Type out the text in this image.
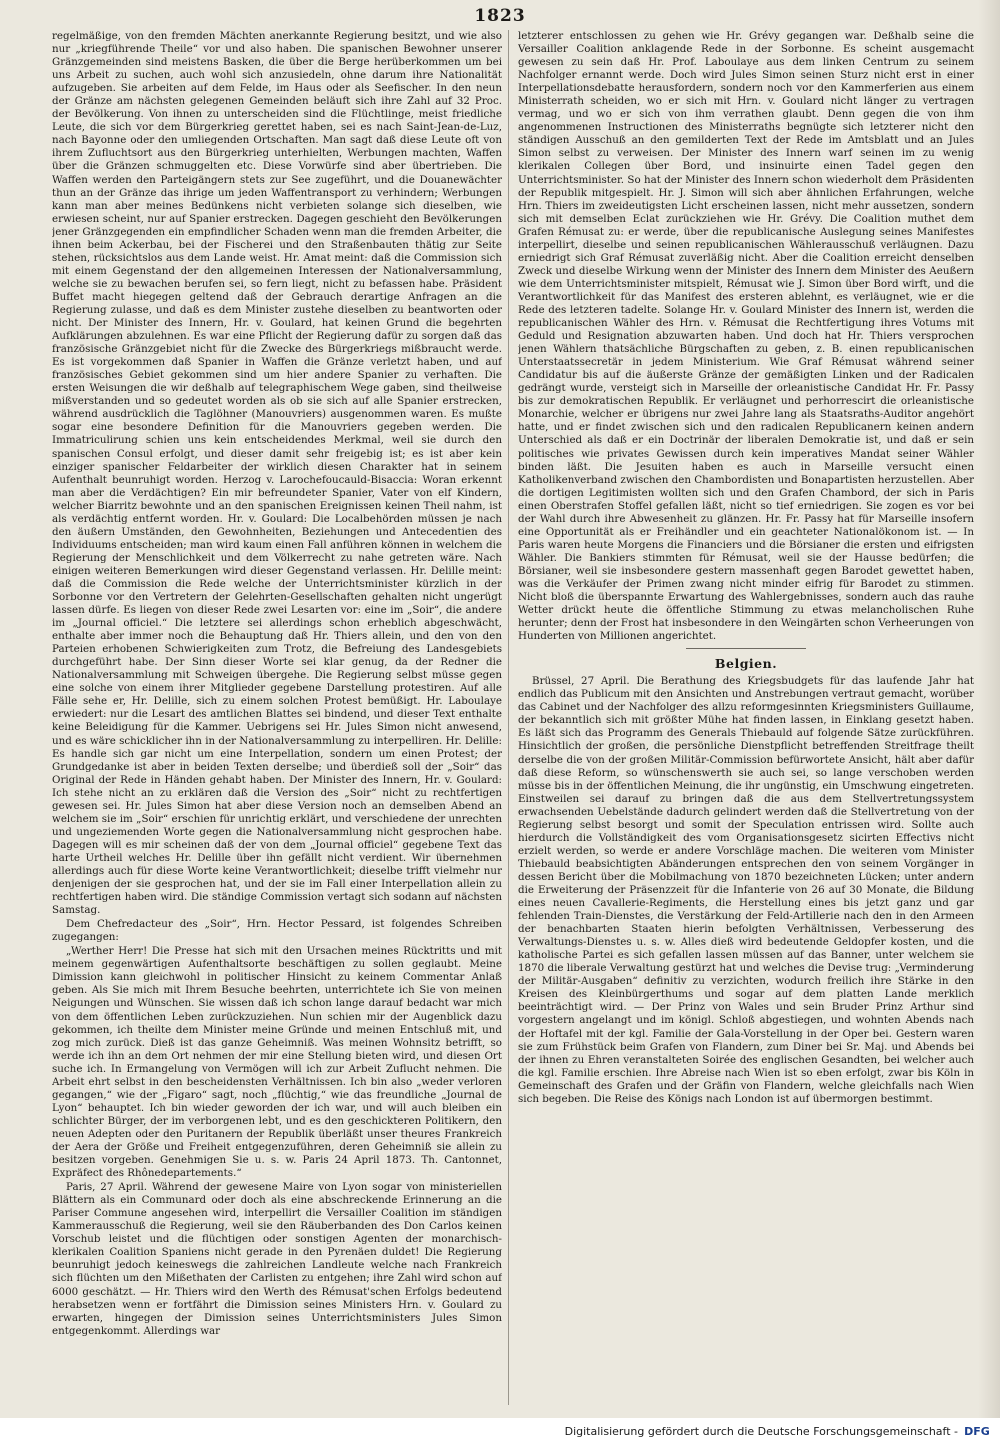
1823

regelmäßige, von den fremden Mächten anerkannte Regierung besitzt, und wie also nur „kriegführende Theile“ vor und also haben. Die spanischen Bewohner unserer Gränzgemeinden sind meistens Basken, die über die Berge herüberkommen um bei uns Arbeit zu suchen, auch wohl sich anzusiedeln, ohne darum ihre Nationalität aufzugeben. Sie arbeiten auf dem Felde, im Haus oder als Seefischer. In den neun der Gränze am nächsten gelegenen Gemeinden beläuft sich ihre Zahl auf 32 Proc. der Bevölkerung. Von ihnen zu unterscheiden sind die Flüchtlinge, meist friedliche Leute, die sich vor dem Bürgerkrieg gerettet haben, sei es nach Saint-Jean-de-Luz, nach Bayonne oder den umliegenden Ortschaften. Man sagt daß diese Leute oft von ihrem Zufluchtsort aus den Bürgerkrieg unterhielten, Werbungen machten, Waffen über die Gränzen schmuggelten etc. Diese Vorwürfe sind aber übertrieben. Die Waffen werden den Parteigängern stets zur See zugeführt, und die Douanewächter thun an der Gränze das ihrige um jeden Waffentransport zu verhindern; Werbungen kann man aber meines Bedünkens nicht verbieten solange sich dieselben, wie erwiesen scheint, nur auf Spanier erstrecken. Dagegen geschieht den Bevölkerungen jener Gränzgegenden ein empfindlicher Schaden wenn man die fremden Arbeiter, die ihnen beim Ackerbau, bei der Fischerei und den Straßenbauten thätig zur Seite stehen, rücksichtslos aus dem Lande weist. Hr. Amat meint: daß die Commission sich mit einem Gegenstand der den allgemeinen Interessen der Nationalversammlung, welche sie zu bewachen berufen sei, so fern liegt, nicht zu befassen habe. Präsident Buffet macht hiegegen geltend daß der Gebrauch derartige Anfragen an die Regierung zulasse, und daß es dem Minister zustehe dieselben zu beantworten oder nicht. Der Minister des Innern, Hr. v. Goulard, hat keinen Grund die begehrten Aufklärungen abzulehnen. Es war eine Pflicht der Regierung dafür zu sorgen daß das französische Gränzgebiet nicht für die Zwecke des Bürgerkriegs mißbraucht werde. Es ist vorgekommen daß Spanier in Waffen die Gränze verletzt haben, und auf französisches Gebiet gekommen sind um hier andere Spanier zu verhaften. Die ersten Weisungen die wir deßhalb auf telegraphischem Wege gaben, sind theilweise mißverstanden und so gedeutet worden als ob sie sich auf alle Spanier erstrecken, während ausdrücklich die Taglöhner (Manouvriers) ausgenommen waren. Es mußte sogar eine besondere Definition für die Manouvriers gegeben werden. Die Immatriculirung schien uns kein entscheidendes Merkmal, weil sie durch den spanischen Consul erfolgt, und dieser damit sehr freigebig ist; es ist aber kein einziger spanischer Feldarbeiter der wirklich diesen Charakter hat in seinem Aufenthalt beunruhigt worden. Herzog v. Larochefoucauld-Bisaccia: Woran erkennt man aber die Verdächtigen? Ein mir befreundeter Spanier, Vater von elf Kindern, welcher Biarritz bewohnte und an den spanischen Ereignissen keinen Theil nahm, ist als verdächtig entfernt worden. Hr. v. Goulard: Die Localbehörden müssen je nach den äußern Umständen, den Gewohnheiten, Beziehungen und Antecedentien des Individuums entscheiden; man wird kaum einen Fall anführen können in welchem die Regierung der Menschlichkeit und dem Völkerrecht zu nahe getreten wäre. Nach einigen weiteren Bemerkungen wird dieser Gegenstand verlassen. Hr. Delille meint: daß die Commission die Rede welche der Unterrichtsminister kürzlich in der Sorbonne vor den Vertretern der Gelehrten-Gesellschaften gehalten nicht ungerügt lassen dürfe. Es liegen von dieser Rede zwei Lesarten vor: eine im „Soir“, die andere im „Journal officiel.“ Die letztere sei allerdings schon erheblich abgeschwächt, enthalte aber immer noch die Behauptung daß Hr. Thiers allein, und den von den Parteien erhobenen Schwierigkeiten zum Trotz, die Befreiung des Landesgebiets durchgeführt habe. Der Sinn dieser Worte sei klar genug, da der Redner die Nationalversammlung mit Schweigen übergehe. Die Regierung selbst müsse gegen eine solche von einem ihrer Mitglieder gegebene Darstellung protestiren. Auf alle Fälle sehe er, Hr. Delille, sich zu einem solchen Protest bemüßigt. Hr. Laboulaye erwiedert: nur die Lesart des amtlichen Blattes sei bindend, und dieser Text enthalte keine Beleidigung für die Kammer. Uebrigens sei Hr. Jules Simon nicht anwesend, und es wäre schicklicher ihn in der Nationalversammlung zu interpelliren. Hr. Delille: Es handle sich gar nicht um eine Interpellation, sondern um einen Protest; der Grundgedanke ist aber in beiden Texten derselbe; und überdieß soll der „Soir“ das Original der Rede in Händen gehabt haben. Der Minister des Innern, Hr. v. Goulard: Ich stehe nicht an zu erklären daß die Version des „Soir“ nicht zu rechtfertigen gewesen sei. Hr. Jules Simon hat aber diese Version noch an demselben Abend an welchem sie im „Soir“ erschien für unrichtig erklärt, und verschiedene der unrechten und ungeziemenden Worte gegen die Nationalversammlung nicht gesprochen habe. Dagegen will es mir scheinen daß der von dem „Journal officiel“ gegebene Text das harte Urtheil welches Hr. Delille über ihn gefällt nicht verdient. Wir übernehmen allerdings auch für diese Worte keine Verantwortlichkeit; dieselbe trifft vielmehr nur denjenigen der sie gesprochen hat, und der sie im Fall einer Interpellation allein zu rechtfertigen haben wird. Die ständige Commission vertagt sich sodann auf nächsten Samstag.

Dem Chefredacteur des „Soir“, Hrn. Hector Pessard, ist folgendes Schreiben zugegangen:

„Werther Herr! Die Presse hat sich mit den Ursachen meines Rücktritts und mit meinem gegenwärtigen Aufenthaltsorte beschäftigen zu sollen geglaubt. Meine Dimission kann gleichwohl in politischer Hinsicht zu keinem Commentar Anlaß geben. Als Sie mich mit Ihrem Besuche beehrten, unterrichtete ich Sie von meinen Neigungen und Wünschen. Sie wissen daß ich schon lange darauf bedacht war mich von dem öffentlichen Leben zurückzuziehen. Nun schien mir der Augenblick dazu gekommen, ich theilte dem Minister meine Gründe und meinen Entschluß mit, und zog mich zurück. Dieß ist das ganze Geheimniß. Was meinen Wohnsitz betrifft, so werde ich ihn an dem Ort nehmen der mir eine Stellung bieten wird, und diesen Ort suche ich. In Ermangelung von Vermögen will ich zur Arbeit Zuflucht nehmen. Die Arbeit ehrt selbst in den bescheidensten Verhältnissen. Ich bin also „weder verloren gegangen,“ wie der „Figaro“ sagt, noch „flüchtig,“ wie das freundliche „Journal de Lyon“ behauptet. Ich bin wieder geworden der ich war, und will auch bleiben ein schlichter Bürger, der im verborgenen lebt, und es den geschickteren Politikern, den neuen Adepten oder den Puritanern der Republik überläßt unser theures Frankreich der Aera der Größe und Freiheit entgegenzuführen, deren Geheimniß sie allein zu besitzen vorgeben. Genehmigen Sie u. s. w. Paris 24 April 1873. Th. Cantonnet, Expräfect des Rhônedepartements.“

Paris, 27 April. Während der gewesene Maire von Lyon sogar von ministeriellen Blättern als ein Communard oder doch als eine abschreckende Erinnerung an die Pariser Commune angesehen wird, interpellirt die Versailler Coalition im ständigen Kammerausschuß die Regierung, weil sie den Räuberbanden des Don Carlos keinen Vorschub leistet und die flüchtigen oder sonstigen Agenten der monarchisch-klerikalen Coalition Spaniens nicht gerade in den Pyrenäen duldet! Die Regierung beunruhigt jedoch keineswegs die zahlreichen Landleute welche nach Frankreich sich flüchten um den Mißethaten der Carlisten zu entgehen; ihre Zahl wird schon auf 6000 geschätzt. — Hr. Thiers wird den Werth des Rémusat'schen Erfolgs bedeutend herabsetzen wenn er fortfährt die Dimission seines Ministers Hrn. v. Goulard zu erwarten, hingegen der Dimission seines Unterrichtsministers Jules Simon entgegenkommt. Allerdings war

letzterer entschlossen zu gehen wie Hr. Grévy gegangen war. Deßhalb seine die Versailler Coalition anklagende Rede in der Sorbonne. Es scheint ausgemacht gewesen zu sein daß Hr. Prof. Laboulaye aus dem linken Centrum zu seinem Nachfolger ernannt werde. Doch wird Jules Simon seinen Sturz nicht erst in einer Interpellationsdebatte herausfordern, sondern noch vor den Kammerferien aus einem Ministerrath scheiden, wo er sich mit Hrn. v. Goulard nicht länger zu vertragen vermag, und wo er sich von ihm verrathen glaubt. Denn gegen die von ihm angenommenen Instructionen des Ministerraths begnügte sich letzterer nicht den ständigen Ausschuß an den gemilderten Text der Rede im Amtsblatt und an Jules Simon selbst zu verweisen. Der Minister des Innern warf seinen im zu wenig klerikalen Collegen über Bord, und insinuirte einen Tadel gegen den Unterrichtsminister. So hat der Minister des Innern schon wiederholt dem Präsidenten der Republik mitgespielt. Hr. J. Simon will sich aber ähnlichen Erfahrungen, welche Hrn. Thiers im zweideutigsten Licht erscheinen lassen, nicht mehr aussetzen, sondern sich mit demselben Eclat zurückziehen wie Hr. Grévy. Die Coalition muthet dem Grafen Rémusat zu: er werde, über die republicanische Auslegung seines Manifestes interpellirt, dieselbe und seinen republicanischen Wählerausschuß verläugnen. Dazu erniedrigt sich Graf Rémusat zuverläßig nicht. Aber die Coalition erreicht denselben Zweck und dieselbe Wirkung wenn der Minister des Innern dem Minister des Aeußern wie dem Unterrichtsminister mitspielt, Rémusat wie J. Simon über Bord wirft, und die Verantwortlichkeit für das Manifest des ersteren ablehnt, es verläugnet, wie er die Rede des letzteren tadelte. Solange Hr. v. Goulard Minister des Innern ist, werden die republicanischen Wähler des Hrn. v. Rémusat die Rechtfertigung ihres Votums mit Geduld und Resignation abzuwarten haben. Und doch hat Hr. Thiers versprochen jenen Wählern thatsächliche Bürgschaften zu geben, z. B. einen republicanischen Unterstaatssecretär in jedem Ministerium. Wie Graf Rémusat während seiner Candidatur bis auf die äußerste Gränze der gemäßigten Linken und der Radicalen gedrängt wurde, versteigt sich in Marseille der orleanistische Candidat Hr. Fr. Passy bis zur demokratischen Republik. Er verläugnet und perhorrescirt die orleanistische Monarchie, welcher er übrigens nur zwei Jahre lang als Staatsraths-Auditor angehört hatte, und er findet zwischen sich und den radicalen Republicanern keinen andern Unterschied als daß er ein Doctrinär der liberalen Demokratie ist, und daß er sein politisches wie privates Gewissen durch kein imperatives Mandat seiner Wähler binden läßt. Die Jesuiten haben es auch in Marseille versucht einen Katholikenverband zwischen den Chambordisten und Bonapartisten herzustellen. Aber die dortigen Legitimisten wollten sich und den Grafen Chambord, der sich in Paris einen Oberstrafen Stoffel gefallen läßt, nicht so tief erniedrigen. Sie zogen es vor bei der Wahl durch ihre Abwesenheit zu glänzen. Hr. Fr. Passy hat für Marseille insofern eine Opportunität als er Freihändler und ein geachteter Nationalökonom ist. — In Paris waren heute Morgens die Financiers und die Börsianer die ersten und eifrigsten Wähler. Die Bankiers stimmten für Rémusat, weil sie der Hausse bedürfen; die Börsianer, weil sie insbesondere gestern massenhaft gegen Barodet gewettet haben, was die Verkäufer der Primen zwang nicht minder eifrig für Barodet zu stimmen. Nicht bloß die überspannte Erwartung des Wahlergebnisses, sondern auch das rauhe Wetter drückt heute die öffentliche Stimmung zu etwas melancholischen Ruhe herunter; denn der Frost hat insbesondere in den Weingärten schon Verheerungen von Hunderten von Millionen angerichtet.

Belgien.

Brüssel, 27 April. Die Berathung des Kriegsbudgets für das laufende Jahr hat endlich das Publicum mit den Ansichten und Anstrebungen vertraut gemacht, worüber das Cabinet und der Nachfolger des allzu reformgesinnten Kriegsministers Guillaume, der bekanntlich sich mit größter Mühe hat finden lassen, in Einklang gesetzt haben. Es läßt sich das Programm des Generals Thiebauld auf folgende Sätze zurückführen. Hinsichtlich der großen, die persönliche Dienstpflicht betreffenden Streitfrage theilt derselbe die von der großen Militär-Commission befürwortete Ansicht, hält aber dafür daß diese Reform, so wünschenswerth sie auch sei, so lange verschoben werden müsse bis in der öffentlichen Meinung, die ihr ungünstig, ein Umschwung eingetreten. Einstweilen sei darauf zu bringen daß die aus dem Stellvertretungssystem erwachsenden Uebelstände dadurch gelindert werden daß die Stellvertretung von der Regierung selbst besorgt und somit der Speculation entrissen wird. Sollte auch hierdurch die Vollständigkeit des vom Organisationsgesetz sicirten Effectivs nicht erzielt werden, so werde er andere Vorschläge machen. Die weiteren vom Minister Thiebauld beabsichtigten Abänderungen entsprechen den von seinem Vorgänger in dessen Bericht über die Mobilmachung von 1870 bezeichneten Lücken; unter andern die Erweiterung der Präsenzzeit für die Infanterie von 26 auf 30 Monate, die Bildung eines neuen Cavallerie-Regiments, die Herstellung eines bis jetzt ganz und gar fehlenden Train-Dienstes, die Verstärkung der Feld-Artillerie nach den in den Armeen der benachbarten Staaten hierin befolgten Verhältnissen, Verbesserung des Verwaltungs-Dienstes u. s. w. Alles dieß wird bedeutende Geldopfer kosten, und die katholische Partei es sich gefallen lassen müssen auf das Banner, unter welchem sie 1870 die liberale Verwaltung gestürzt hat und welches die Devise trug: „Verminderung der Militär-Ausgaben“ definitiv zu verzichten, wodurch freilich ihre Stärke in den Kreisen des Kleinbürgerthums und sogar auf dem platten Lande merklich beeinträchtigt wird. — Der Prinz von Wales und sein Bruder Prinz Arthur sind vorgestern angelangt und im königl. Schloß abgestiegen, und wohnten Abends nach der Hoftafel mit der kgl. Familie der Gala-Vorstellung in der Oper bei. Gestern waren sie zum Frühstück beim Grafen von Flandern, zum Diner bei Sr. Maj. und Abends bei der ihnen zu Ehren veranstalteten Soirée des englischen Gesandten, bei welcher auch die kgl. Familie erschien. Ihre Abreise nach Wien ist so eben erfolgt, zwar bis Köln in Gemeinschaft des Grafen und der Gräfin von Flandern, welche gleichfalls nach Wien sich begeben. Die Reise des Königs nach London ist auf übermorgen bestimmt.

Digitalisierung gefördert durch die Deutsche Forschungsgemeinschaft - DFG
